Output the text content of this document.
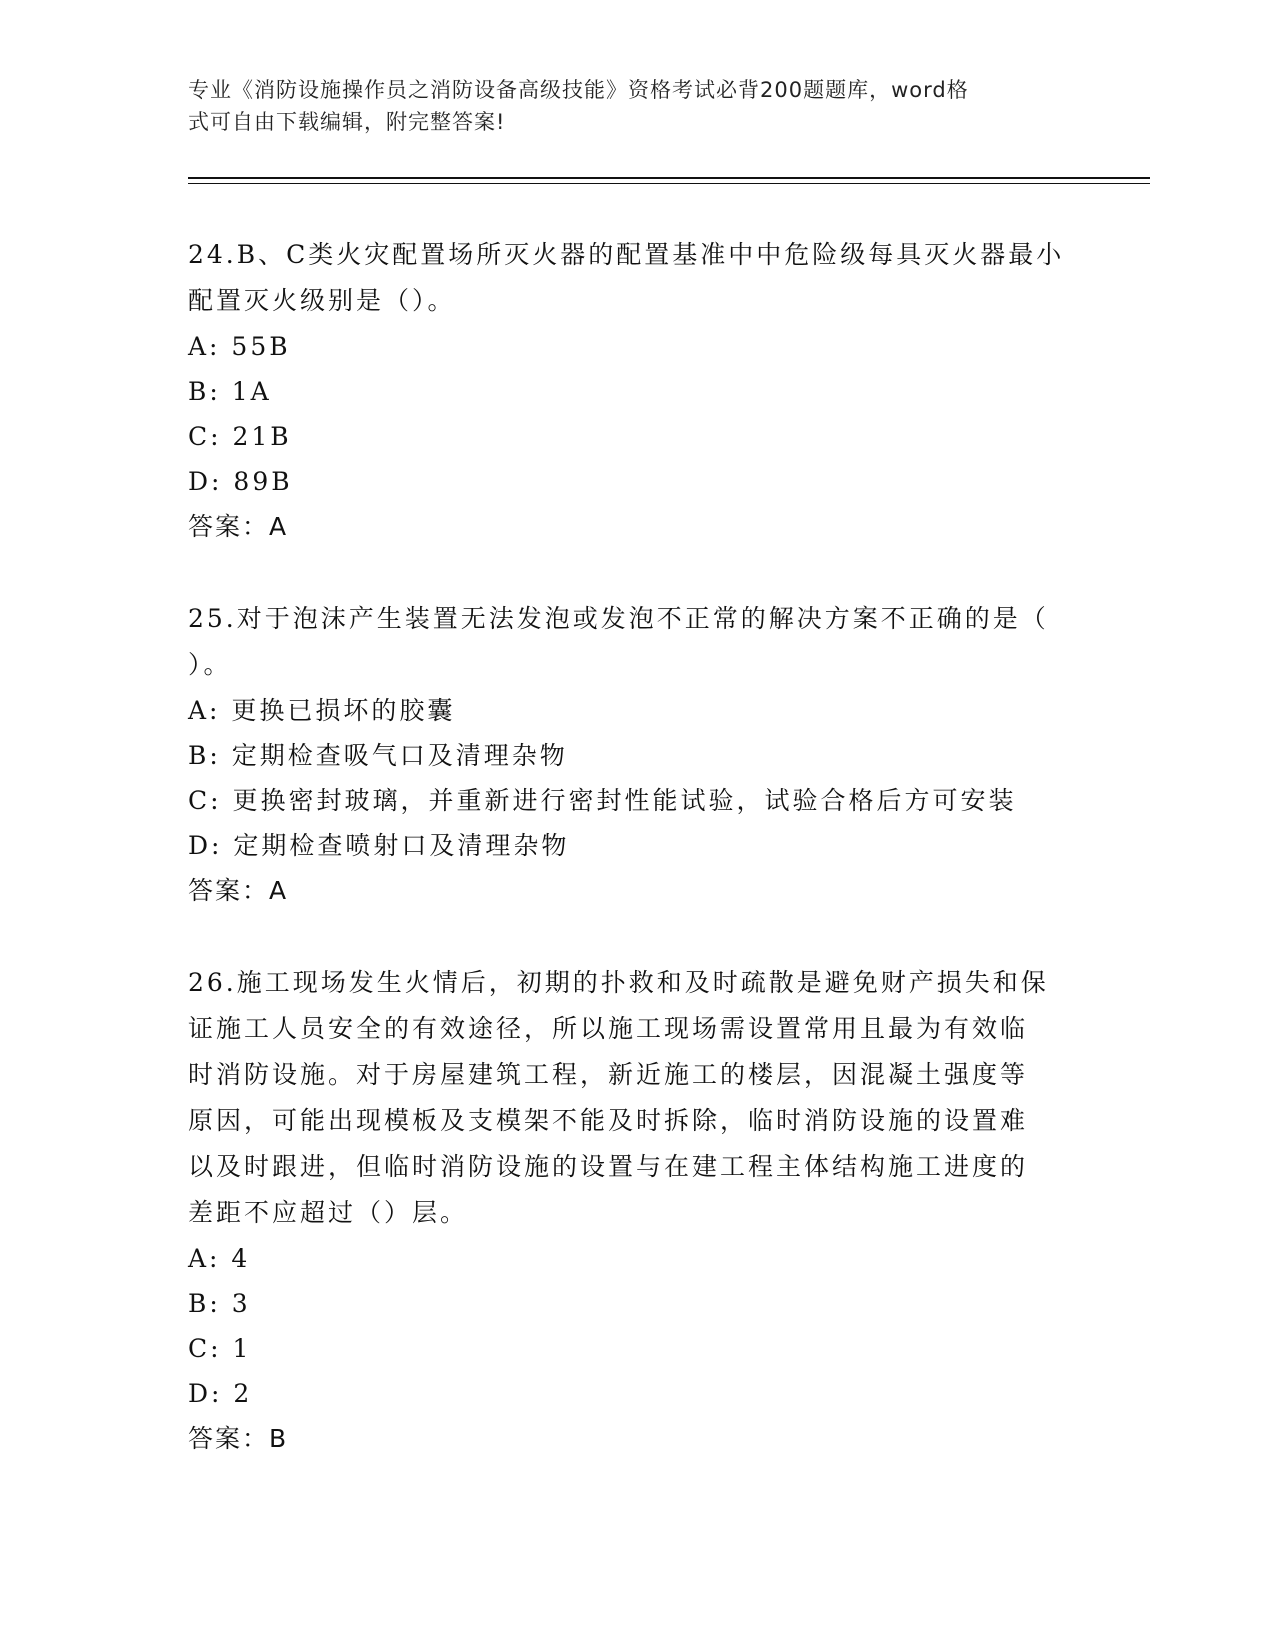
专业《消防设施操作员之消防设备高级技能》资格考试必背200题题库，word格
式可自由下载编辑，附完整答案!

24.B、C类火灾配置场所灭火器的配置基准中中危险级每具灭火器最小

配置灭火级别是（）。

A: 55B

B: 1A

C: 21B

D: 89B

答案：A

25.对于泡沫产生装置无法发泡或发泡不正常的解决方案不正确的是（

）。

A: 更换已损坏的胶囊

B: 定期检查吸气口及清理杂物

C: 更换密封玻璃，并重新进行密封性能试验，试验合格后方可安装

D: 定期检查喷射口及清理杂物

答案：A

26.施工现场发生火情后，初期的扑救和及时疏散是避免财产损失和保

证施工人员安全的有效途径，所以施工现场需设置常用且最为有效临

时消防设施。对于房屋建筑工程，新近施工的楼层，因混凝土强度等

原因，可能出现模板及支模架不能及时拆除，临时消防设施的设置难

以及时跟进，但临时消防设施的设置与在建工程主体结构施工进度的

差距不应超过（）层。

A: 4

B: 3

C: 1

D: 2

答案：B
